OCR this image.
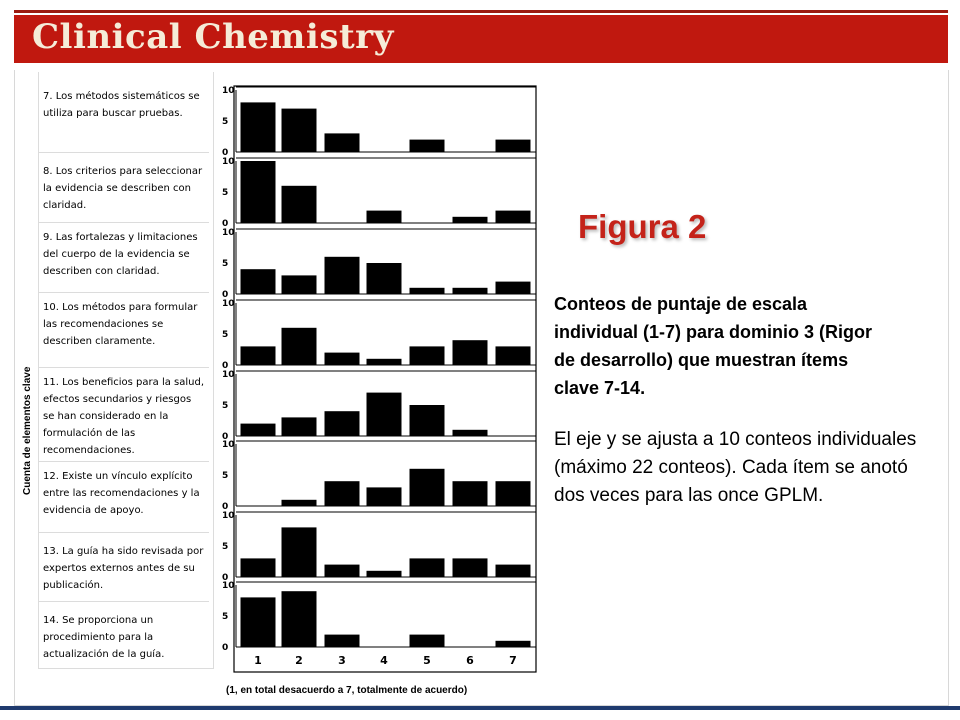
Clinical Chemistry
7. Los métodos sistemáticos se utiliza para buscar pruebas.
8. Los criterios para seleccionar la evidencia se describen con claridad.
9. Las fortalezas y limitaciones del cuerpo de la evidencia se describen con claridad.
10. Los métodos para formular las recomendaciones se describen claramente.
11. Los beneficios para la salud, efectos secundarios y riesgos se han considerado en la formulación de las recomendaciones.
12. Existe un vínculo explícito entre las recomendaciones y la evidencia de apoyo.
13. La guía ha sido revisada por expertos externos antes de su publicación.
14. Se proporciona un procedimiento para la actualización de la guía.
Cuenta de elementos clave
0
5
10
0
5
10
0
5
10
0
5
10
0
5
10
0
5
10
0
5
10
0
5
10
1	2	3	4	5	6	7
(1, en total desacuerdo a 7, totalmente de acuerdo)
Figura 2
Conteos de puntaje de escala individual (1-7) para dominio 3 (Rigor de desarrollo) que muestran ítems clave 7-14.
El eje y se ajusta a 10 conteos individuales (máximo 22 conteos). Cada ítem se anotó dos veces para las once GPLM.
